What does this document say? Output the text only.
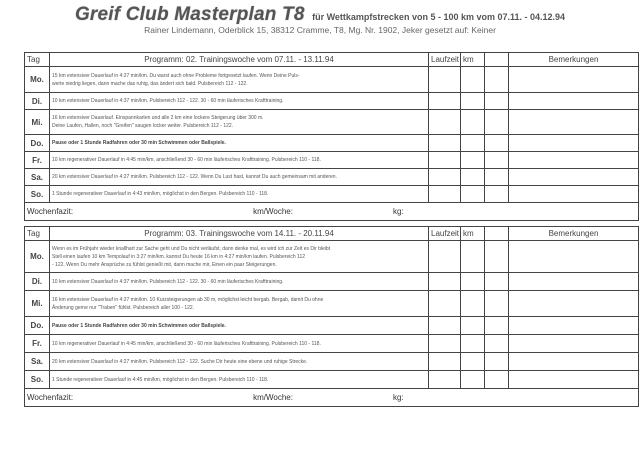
Greif Club Masterplan T8 für Wettkampfstrecken von 5 - 100 km vom 07.11. - 04.12.94
Rainer Lindemann, Oderblick 15, 38312 Cramme, T8, Mg. Nr. 1902, Jeker gesetzt auf: Keiner
Tag	Programm: 02. Trainingswoche vom 07.11. - 13.11.94	Laufzeit	km		Bemerkungen
Mo.	15 km extensiver Dauerlauf in 4:27 min/km. Du warst auch ohne Probleme fortgesetzt laufen. Wenn Deine Puls-
werte niedrig liegen, dann mache das ruhig, das ändert sich bald. Pulsbereich 112 - 122.				
Di.	10 km extensiver Dauerlauf in 4:37 min/km. Pulsbereich 112 - 122. 30 - 60 min läuferisches Krafttraining.				
Mi.	16 km extensiver Dauerlauf. Einspannkarten und alle 2 km eine lockere Steigerung über 300 m.
Deine Laufen, Hallen, noch "Greifen" saugen locker weiter. Pulsbereich 112 - 122.				
Do.	Pause oder 1 Stunde Radfahren oder 30 min Schwimmen oder Ballspiele.				
Fr.	10 km regenerativer Dauerlauf in 4:45 min/km, anschließend 30 - 60 min läuferisches Krafttraining. Pulsbereich 110 - 118.				
Sa.	20 km extensiver Dauerlauf in 4:27 min/km. Pulsbereich 112 - 122. Wenn Du Lust hast, kannst Du auch gemeinsam mit anderen.				
So.	1 Stunde regenerativer Dauerlauf in 4:43 min/km, möglichst in den Bergen. Pulsbereich 110 - 118.				
Wochenfazit: km/Woche: kg:					
Tag	Programm: 03. Trainingswoche vom 14.11. - 20.11.94	Laufzeit	km		Bemerkungen
Mo.	Wenn es im Frühjahr wieder knallhart zur Sache geht und Du nicht verläufst, dann denke mal, es wird ich zur Zeit es Dir bleibt
Stell einen laufen 10 km Tempolauf in 3:27 min/km. kannst Du heute 16 km in 4:27 min/km laufen. Pulsbereich 112
- 122. Wenn Du mehr Ansprüche zu fühlst genießt mit, dann mache mir, Einen ein paar Steigerungen.				
Di.	10 km extensiver Dauerlauf in 4:37 min/km. Pulsbereich 112 - 122. 30 - 60 min läuferisches Krafttraining.				
Mi.	16 km extensiver Dauerlauf in 4:27 min/km. 10 Kurzsteigerungen ab 30 m, möglichst leicht bergab. Bergab, damit Du ohne
Änderung gerne nur "Traben" fühlst. Pulsbereich aller 100 - 122.				
Do.	Pause oder 1 Stunde Radfahren oder 30 min Schwimmen oder Ballspiele.				
Fr.	10 km regenerativer Dauerlauf in 4:45 min/km, anschließend 30 - 60 min läuferisches Krafttraining. Pulsbereich 110 - 118.				
Sa.	20 km extensiver Dauerlauf in 4:27 min/km. Pulsbereich 112 - 122. Suche Dir heute eine ebene und ruhige Strecke.				
So.	1 Stunde regenerativer Dauerlauf in 4:45 min/km, möglichst in den Bergen. Pulsbereich 110 - 118.				
Wochenfazit: km/Woche: kg:					
